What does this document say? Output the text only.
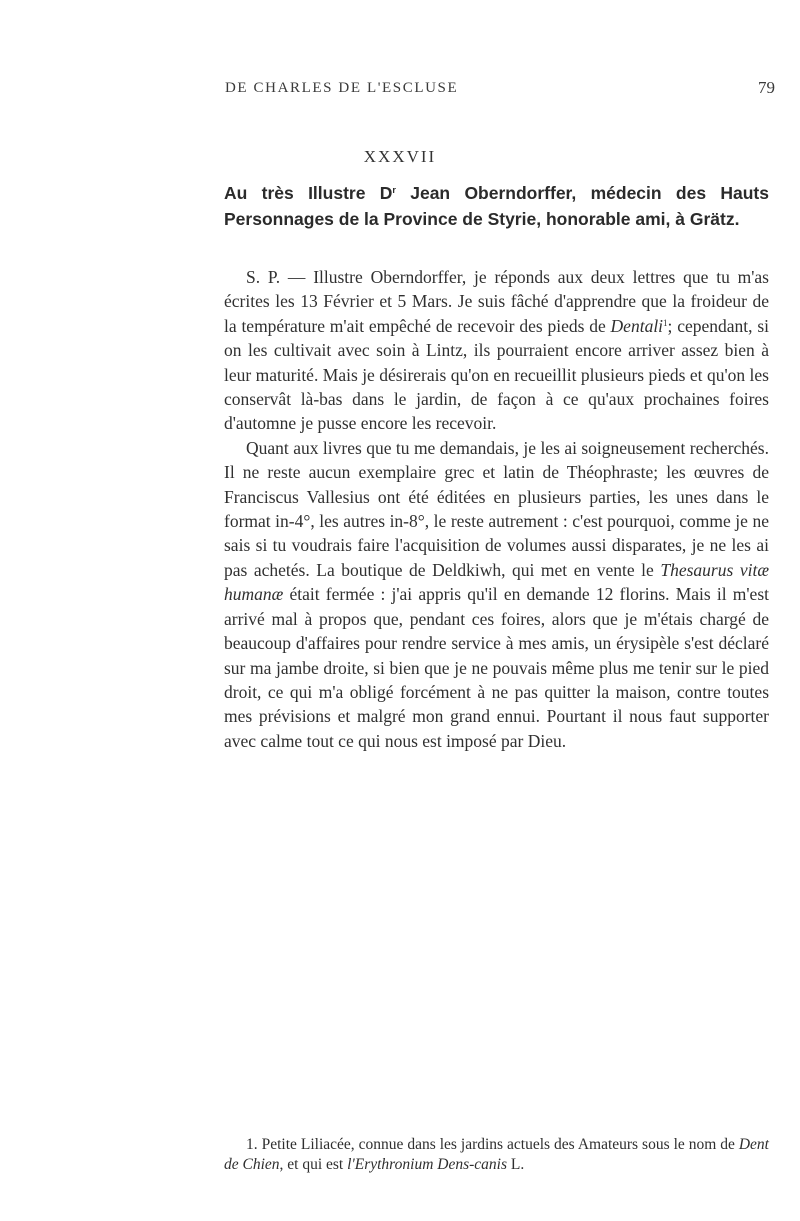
DE CHARLES DE L'ESCLUSE	79
XXXVII
Au très Illustre $D^r$ Jean Oberndorffer, médecin des Hauts Personnages de la Province de Styrie, honorable ami, à Grätz.

S. P. — Illustre Oberndorffer, je réponds aux deux lettres que tu m'as écrites les 13 Février et 5 Mars. Je suis fâché d'apprendre que la froideur de la température m'ait empêché de recevoir des pieds de Dentali$^1$; cependant, si on les cultivait avec soin à Lintz, ils pourraient encore arriver assez bien à leur maturité. Mais je désirerais qu'on en recueillit plusieurs pieds et qu'on les conservât là-bas dans le jardin, de façon à ce qu'aux prochaines foires d'automne je pusse encore les recevoir.

Quant aux livres que tu me demandais, je les ai soigneusement recherchés. Il ne reste aucun exemplaire grec et latin de Théophraste; les œuvres de Franciscus Vallesius ont été éditées en plusieurs parties, les unes dans le format in-4°, les autres in-8°, le reste autrement : c'est pourquoi, comme je ne sais si tu voudrais faire l'acquisition de volumes aussi disparates, je ne les ai pas achetés. La boutique de Deldkiwh, qui met en vente le Thesaurus vitæ humanæ était fermée : j'ai appris qu'il en demande 12 florins. Mais il m'est arrivé mal à propos que, pendant ces foires, alors que je m'étais chargé de beaucoup d'affaires pour rendre service à mes amis, un érysipèle s'est déclaré sur ma jambe droite, si bien que je ne pouvais même plus me tenir sur le pied droit, ce qui m'a obligé forcément à ne pas quitter la maison, contre toutes mes prévisions et malgré mon grand ennui. Pourtant il nous faut supporter avec calme tout ce qui nous est imposé par Dieu.

1. Petite Liliacée, connue dans les jardins actuels des Amateurs sous le nom de Dent de Chien, et qui est l'Erythronium Dens-canis L.
